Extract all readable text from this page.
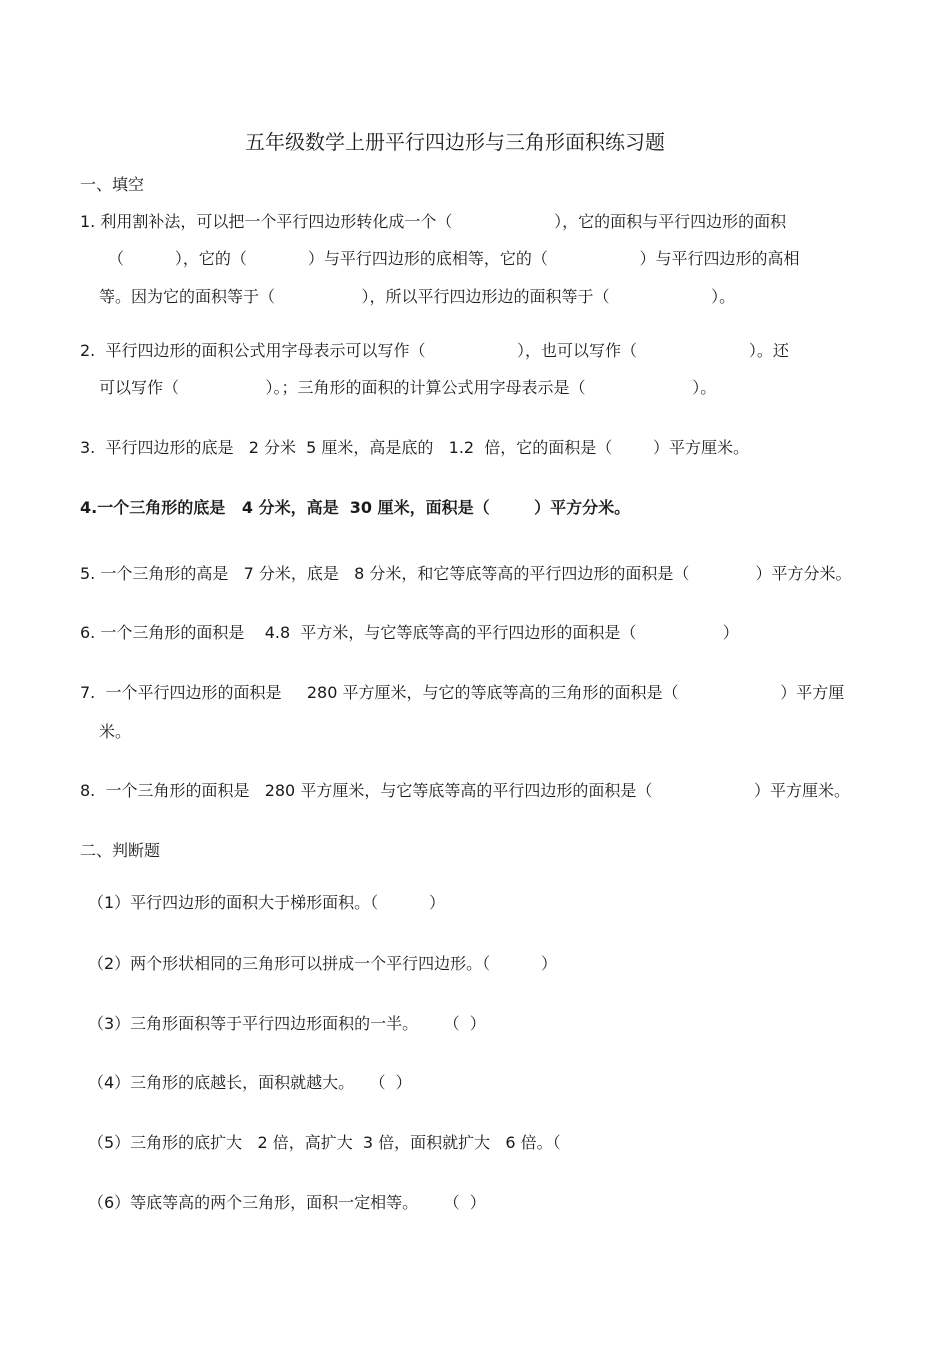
五年级数学上册平行四边形与三角形面积练习题
一、填空
1. 利用割补法，可以把一个平行四边形转化成一个（                    ），它的面积与平行四边形的面积
（          ），它的（            ）与平行四边形的底相等，它的（                  ）与平行四边形的高相
等。因为它的面积等于（                 ），所以平行四边形边的面积等于（                    ）。
2.  平行四边形的面积公式用字母表示可以写作（                  ），也可以写作（                      ）。还
可以写作（                 ）。；三角形的面积的计算公式用字母表示是（                     ）。
3.  平行四边形的底是   2 分米  5 厘米，高是底的   1.2  倍，它的面积是（        ）平方厘米。
4.一个三角形的底是   4 分米，高是  30 厘米，面积是（        ）平方分米。
5. 一个三角形的高是   7 分米，底是   8 分米，和它等底等高的平行四边形的面积是（             ）平方分米。
6. 一个三角形的面积是    4.8  平方米，与它等底等高的平行四边形的面积是（                 ）
7.  一个平行四边形的面积是     280 平方厘米，与它的等底等高的三角形的面积是（                    ）平方厘
米。
8.  一个三角形的面积是   280 平方厘米，与它等底等高的平行四边形的面积是（                    ）平方厘米。
二、判断题
（1）平行四边形的面积大于梯形面积。（          ）
（2）两个形状相同的三角形可以拼成一个平行四边形。（          ）
（3）三角形面积等于平行四边形面积的一半。     （  ）
（4）三角形的底越长，面积就越大。   （  ）
（5）三角形的底扩大   2 倍，高扩大  3 倍，面积就扩大   6 倍。（
（6）等底等高的两个三角形，面积一定相等。     （  ）
